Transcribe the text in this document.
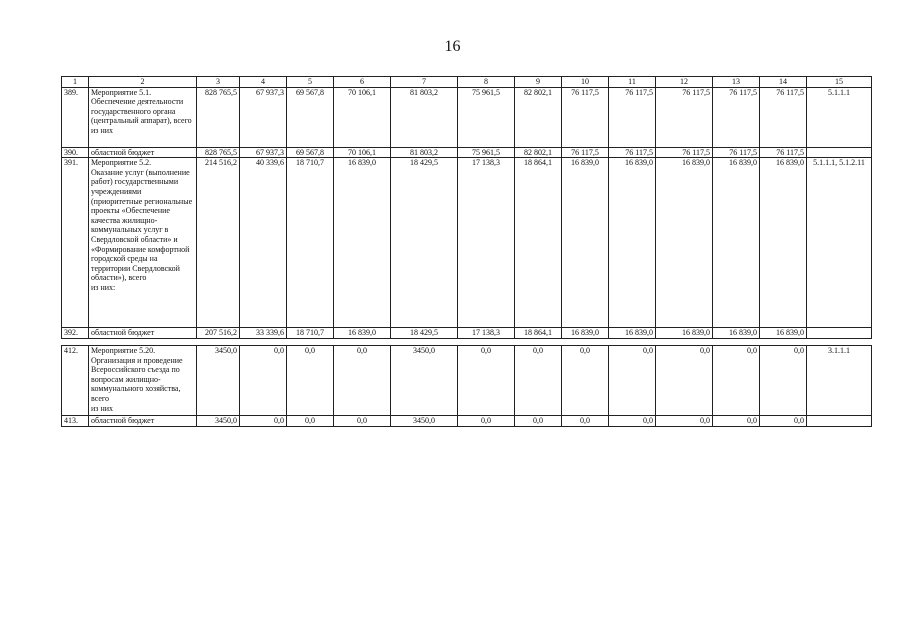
16
1	2	3	4	5	6	7	8	9	10	11	12	13	14	15
389.	Мероприятие 5.1.
Обеспечение деятельности государственного органа (центральный аппарат), всего
из них	828 765,5	67 937,3	69 567,8	70 106,1	81 803,2	75 961,5	82 802,1	76 117,5	76 117,5	76 117,5	76 117,5	76 117,5	5.1.1.1
390.	областной бюджет	828 765,5	67 937,3	69 567,8	70 106,1	81 803,2	75 961,5	82 802,1	76 117,5	76 117,5	76 117,5	76 117,5	76 117,5	
391.	Мероприятие 5.2.
Оказание услуг (выполнение работ) государственными учреждениями (приоритетные региональные проекты «Обеспечение качества жилищно-коммунальных услуг в Свердловской области» и «Формирование комфортной городской среды на территории Свердловской области»), всего
из них:	214 516,2	40 339,6	18 710,7	16 839,0	18 429,5	17 138,3	18 864,1	16 839,0	16 839,0	16 839,0	16 839,0	16 839,0	5.1.1.1, 5.1.2.11
392.	областной бюджет	207 516,2	33 339,6	18 710,7	16 839,0	18 429,5	17 138,3	18 864,1	16 839,0	16 839,0	16 839,0	16 839,0	16 839,0	
412.	Мероприятие 5.20.
Организация и проведение Всероссийского съезда по вопросам жилищно-коммунального хозяйства, всего
из них	3450,0	0,0	0,0	0,0	3450,0	0,0	0,0	0,0	0,0	0,0	0,0	0,0	3.1.1.1
413.	областной бюджет	3450,0	0,0	0,0	0,0	3450,0	0,0	0,0	0,0	0,0	0,0	0,0	0,0	
